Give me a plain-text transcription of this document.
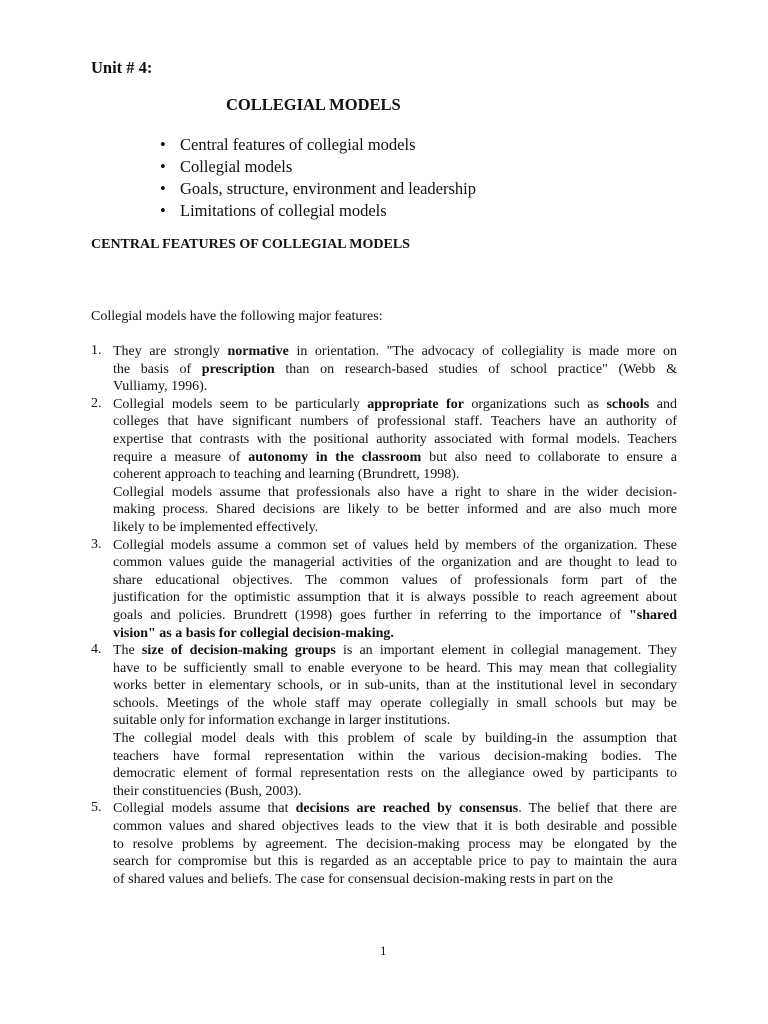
Unit # 4:
COLLEGIAL MODELS
• Central features of collegial models
• Collegial models
• Goals, structure, environment and leadership
• Limitations of collegial models
CENTRAL FEATURES OF COLLEGIAL MODELS
Collegial models have the following major features:
1. They are strongly normative in orientation. "The advocacy of collegiality is made more on
the basis of prescription than on research-based studies of school practice" (Webb &
Vulliamy, 1996).
2. Collegial models seem to be particularly appropriate for organizations such as schools and
colleges that have significant numbers of professional staff. Teachers have an authority of
expertise that contrasts with the positional authority associated with formal models. Teachers
require a measure of autonomy in the classroom but also need to collaborate to ensure a
coherent approach to teaching and learning (Brundrett, 1998).
Collegial models assume that professionals also have a right to share in the wider decision-
making process. Shared decisions are likely to be better informed and are also much more
likely to be implemented effectively.
3. Collegial models assume a common set of values held by members of the organization. These
common values guide the managerial activities of the organization and are thought to lead to
share educational objectives. The common values of professionals form part of the
justification for the optimistic assumption that it is always possible to reach agreement about
goals and policies. Brundrett (1998) goes further in referring to the importance of "shared
vision" as a basis for collegial decision-making.
4. The size of decision-making groups is an important element in collegial management. They
have to be sufficiently small to enable everyone to be heard. This may mean that collegiality
works better in elementary schools, or in sub-units, than at the institutional level in secondary
schools. Meetings of the whole staff may operate collegially in small schools but may be
suitable only for information exchange in larger institutions.
The collegial model deals with this problem of scale by building-in the assumption that
teachers have formal representation within the various decision-making bodies. The
democratic element of formal representation rests on the allegiance owed by participants to
their constituencies (Bush, 2003).
5. Collegial models assume that decisions are reached by consensus. The belief that there are
common values and shared objectives leads to the view that it is both desirable and possible
to resolve problems by agreement. The decision-making process may be elongated by the
search for compromise but this is regarded as an acceptable price to pay to maintain the aura
of shared values and beliefs. The case for consensual decision-making rests in part on the
1
